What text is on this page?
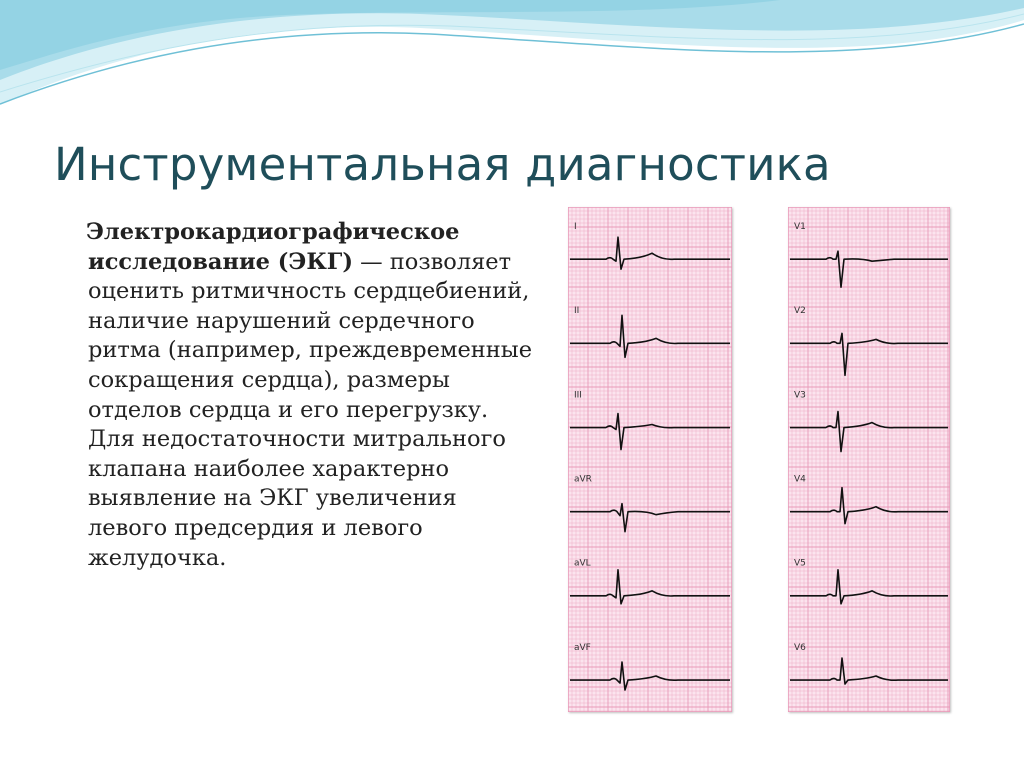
Инструментальная диагностика

Электрокардиографическое исследование (ЭКГ) — позволяет оценить ритмичность сердцебиений, наличие нарушений сердечного ритма (например, преждевременные сокращения сердца), размеры отделов сердца и его перегрузку. Для недостаточности митрального клапана наиболее характерно выявление на ЭКГ увеличения левого предсердия и левого желудочка.

I
II
III
aVR
aVL
aVF
V1
V2
V3
V4
V5
V6
